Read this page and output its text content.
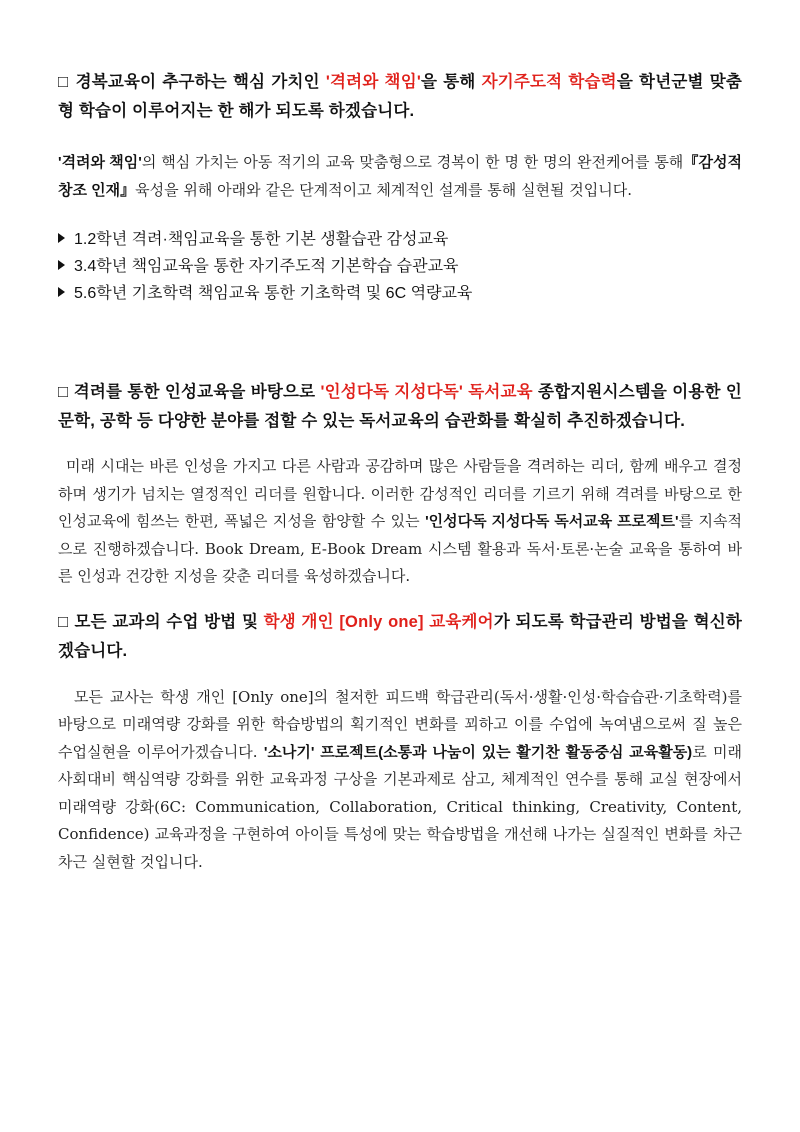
□ 경복교육이 추구하는 핵심 가치인 '격려와 책임'을 통해 자기주도적 학습력을 학년군별 맞춤형 학습이 이루어지는 한 해가 되도록 하겠습니다.

'격려와 책임'의 핵심 가치는 아동 적기의 교육 맞춤형으로 경복이 한 명 한 명의 완전케어를 통해『감성적 창조 인재』육성을 위해 아래와 같은 단계적이고 체계적인 설계를 통해 실현될 것입니다.

1.2학년 격려·책임교육을 통한 기본 생활습관 감성교육
3.4학년 책임교육을 통한 자기주도적 기본학습 습관교육
5.6학년 기초학력 책임교육 통한 기초학력 및 6C 역량교육

□ 격려를 통한 인성교육을 바탕으로 '인성다독 지성다독' 독서교육 종합지원시스템을 이용한 인문학, 공학 등 다양한 분야를 접할 수 있는 독서교육의 습관화를 확실히 추진하겠습니다.

미래 시대는 바른 인성을 가지고 다른 사람과 공감하며 많은 사람들을 격려하는 리더, 함께 배우고 결정하며 생기가 넘치는 열정적인 리더를 원합니다. 이러한 감성적인 리더를 기르기 위해 격려를 바탕으로 한 인성교육에 힘쓰는 한편, 폭넓은 지성을 함양할 수 있는 '인성다독 지성다독 독서교육 프로젝트'를 지속적으로 진행하겠습니다. Book Dream, E-Book Dream 시스템 활용과 독서·토론·논술 교육을 통하여 바른 인성과 건강한 지성을 갖춘 리더를 육성하겠습니다.

□ 모든 교과의 수업 방법 및 학생 개인 [Only one] 교육케어가 되도록 학급관리 방법을 혁신하겠습니다.

모든 교사는 학생 개인 [Only one]의 철저한 피드백 학급관리(독서·생활·인성·학습습관·기초학력)를 바탕으로 미래역량 강화를 위한 학습방법의 획기적인 변화를 꾀하고 이를 수업에 녹여냄으로써 질 높은 수업실현을 이루어가겠습니다. '소나기' 프로젝트(소통과 나눔이 있는 활기찬 활동중심 교육활동)로 미래 사회대비 핵심역량 강화를 위한 교육과정 구상을 기본과제로 삼고, 체계적인 연수를 통해 교실 현장에서 미래역량 강화(6C: Communication, Collaboration, Critical thinking, Creativity, Content, Confidence) 교육과정을 구현하여 아이들 특성에 맞는 학습방법을 개선해 나가는 실질적인 변화를 차근차근 실현할 것입니다.
